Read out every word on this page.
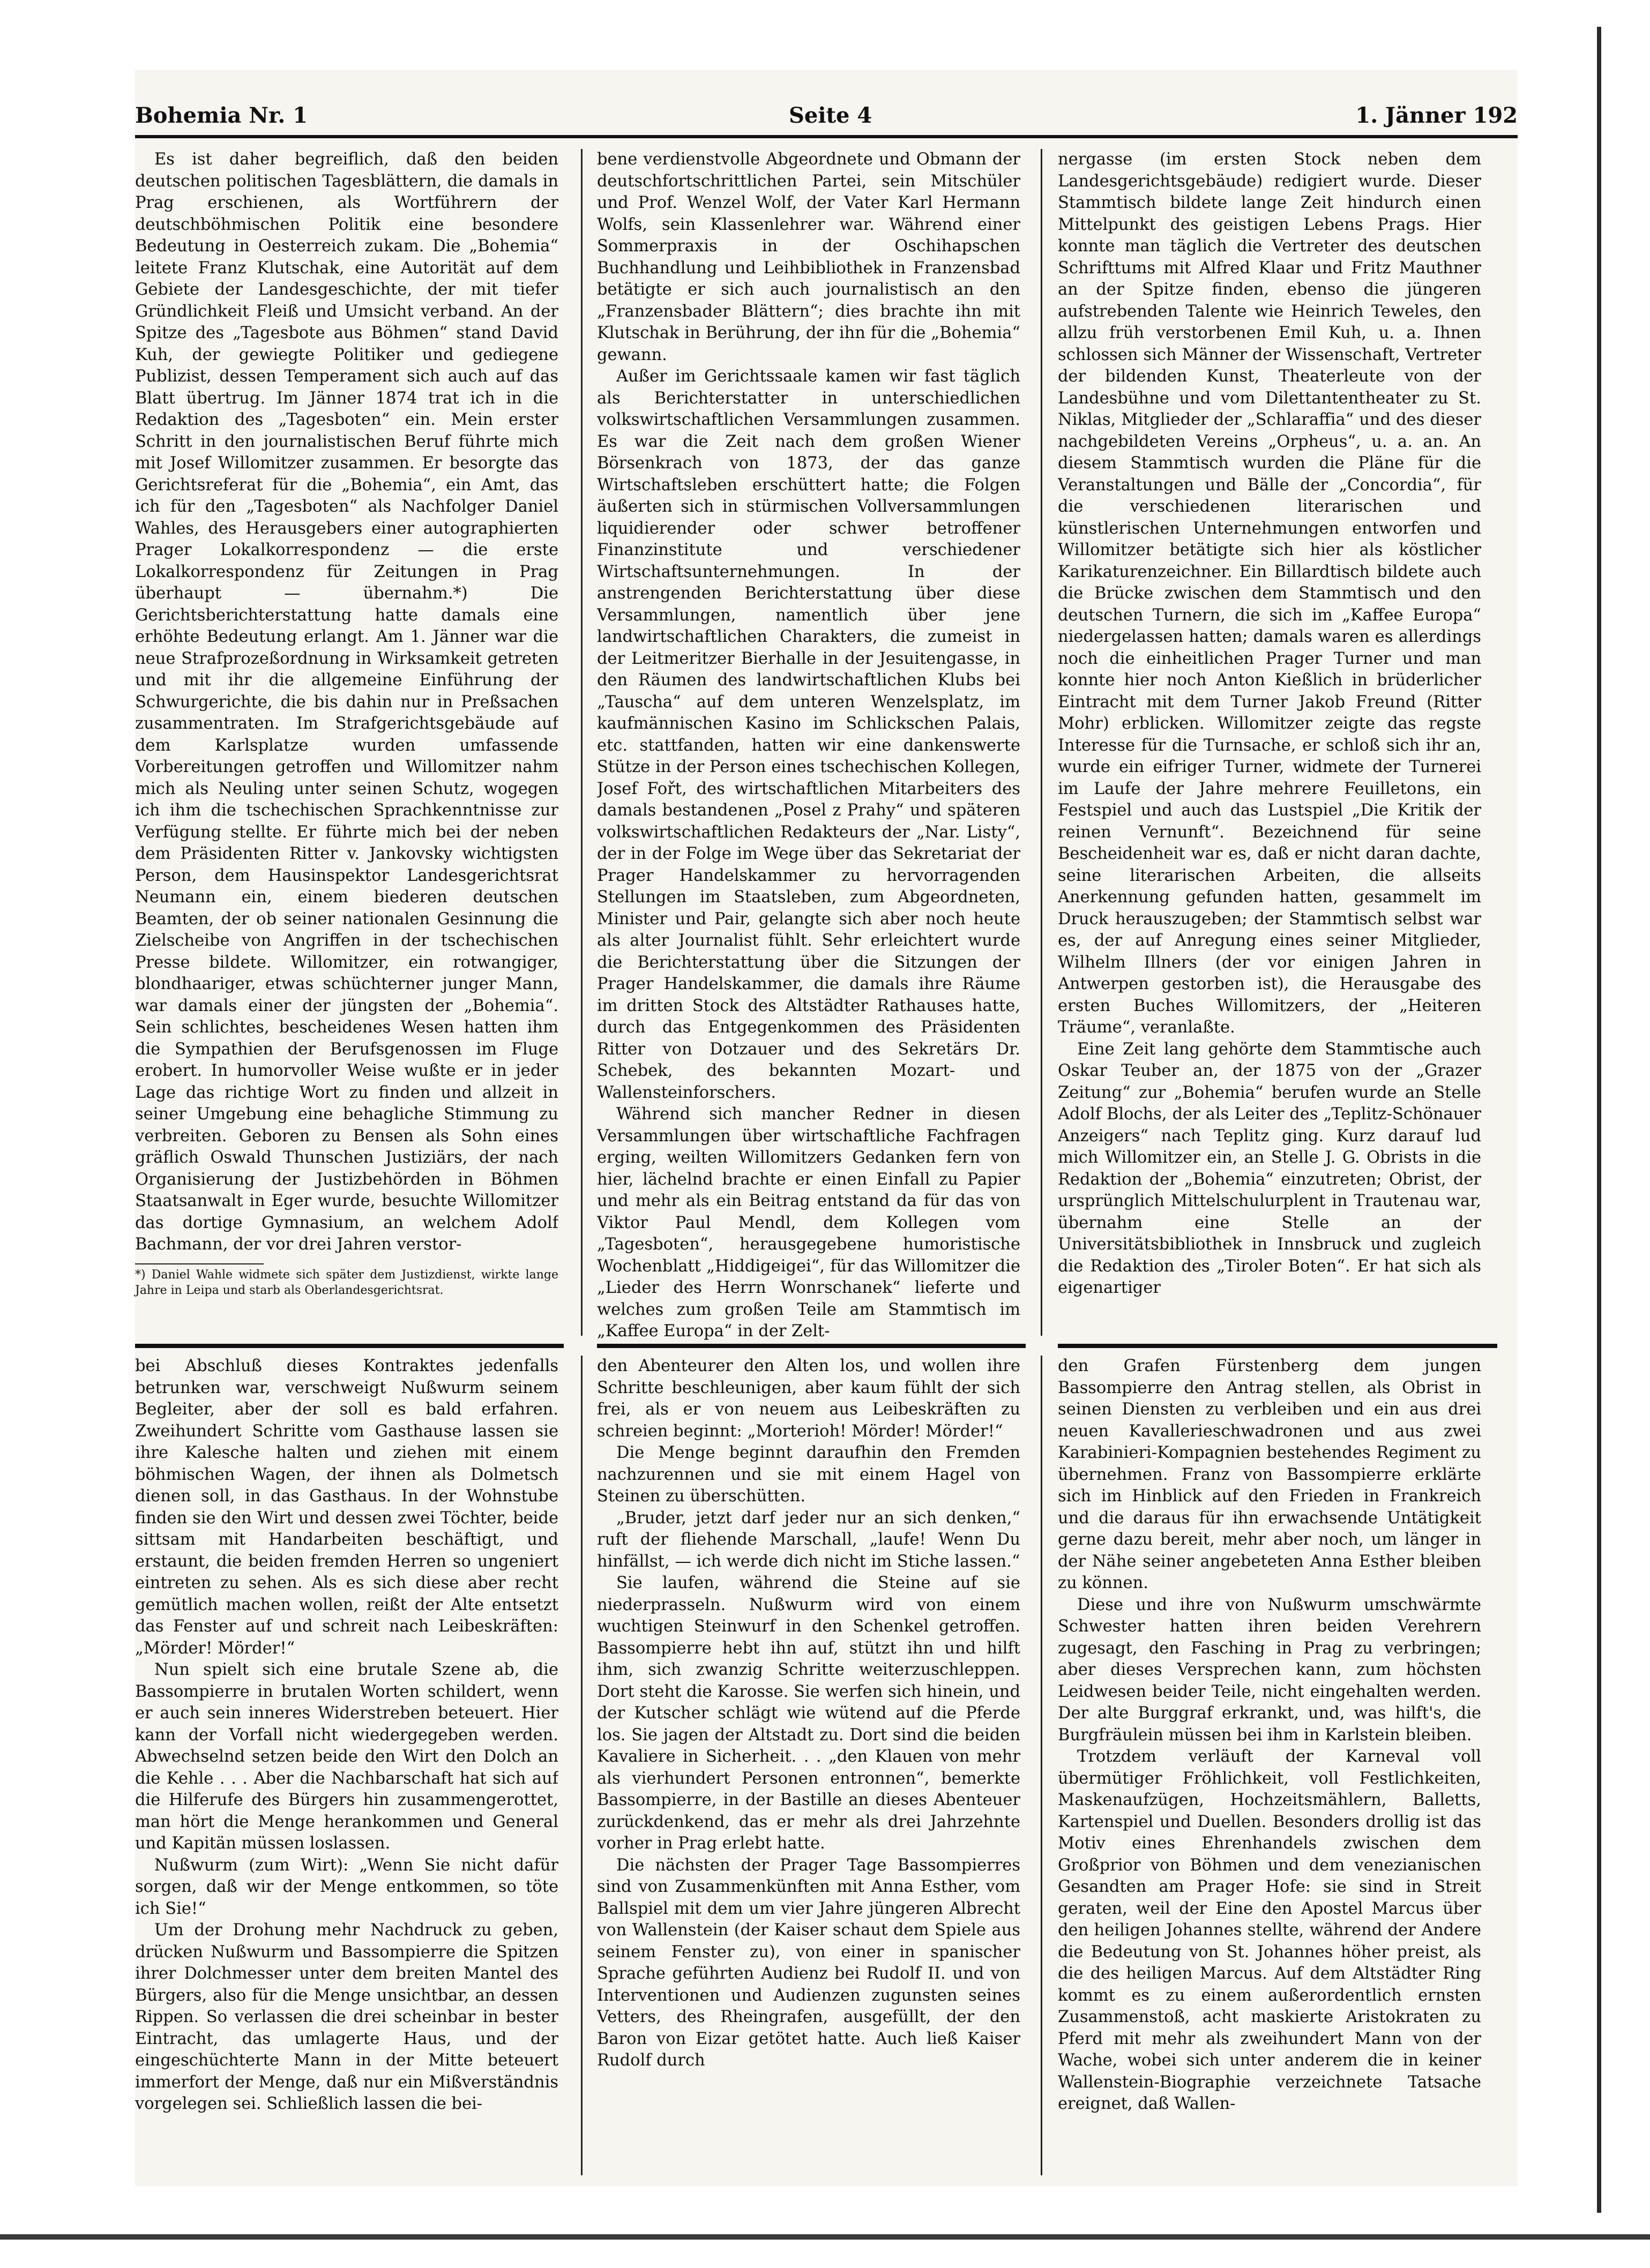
Bohemia Nr. 1	Seite 4	1. Jänner 192

Es ist daher begreiflich, daß den beiden deutschen politischen Tagesblättern, die damals in Prag erschienen, als Wortführern der deutschböhmischen Politik eine besondere Bedeutung in Oesterreich zukam. Die „Bohemia“ leitete Franz Klutschak, eine Autorität auf dem Gebiete der Landesgeschichte, der mit tiefer Gründlichkeit Fleiß und Umsicht verband. An der Spitze des „Tagesbote aus Böhmen“ stand David Kuh, der gewiegte Politiker und gediegene Publizist, dessen Temperament sich auch auf das Blatt übertrug. Im Jänner 1874 trat ich in die Redaktion des „Tagesboten“ ein. Mein erster Schritt in den journalistischen Beruf führte mich mit Josef Willomitzer zusammen. Er besorgte das Gerichtsreferat für die „Bohemia“, ein Amt, das ich für den „Tagesboten“ als Nachfolger Daniel Wahles, des Herausgebers einer autographierten Prager Lokalkorrespondenz — die erste Lokalkorrespondenz für Zeitungen in Prag überhaupt — übernahm.*) Die Gerichtsberichterstattung hatte damals eine erhöhte Bedeutung erlangt. Am 1. Jänner war die neue Strafprozeßordnung in Wirksamkeit getreten und mit ihr die allgemeine Einführung der Schwurgerichte, die bis dahin nur in Preßsachen zusammentraten. Im Strafgerichtsgebäude auf dem Karlsplatze wurden umfassende Vorbereitungen getroffen und Willomitzer nahm mich als Neuling unter seinen Schutz, wogegen ich ihm die tschechischen Sprachkenntnisse zur Verfügung stellte. Er führte mich bei der neben dem Präsidenten Ritter v. Jankovsky wichtigsten Person, dem Hausinspektor Landesgerichtsrat Neumann ein, einem biederen deutschen Beamten, der ob seiner nationalen Gesinnung die Zielscheibe von Angriffen in der tschechischen Presse bildete. Willomitzer, ein rotwangiger, blondhaariger, etwas schüchterner junger Mann, war damals einer der jüngsten der „Bohemia“. Sein schlichtes, bescheidenes Wesen hatten ihm die Sympathien der Berufsgenossen im Fluge erobert. In humorvoller Weise wußte er in jeder Lage das richtige Wort zu finden und allzeit in seiner Umgebung eine behagliche Stimmung zu verbreiten. Geboren zu Bensen als Sohn eines gräflich Oswald Thunschen Justiziärs, der nach Organisierung der Justizbehörden in Böhmen Staatsanwalt in Eger wurde, besuchte Willomitzer das dortige Gymnasium, an welchem Adolf Bachmann, der vor drei Jahren verstor-

*) Daniel Wahle widmete sich später dem Justizdienst, wirkte lange Jahre in Leipa und starb als Oberlandesgerichtsrat.

bene verdienstvolle Abgeordnete und Obmann der deutschfortschrittlichen Partei, sein Mitschüler und Prof. Wenzel Wolf, der Vater Karl Hermann Wolfs, sein Klassenlehrer war. Während einer Sommerpraxis in der Oschihapschen Buchhandlung und Leihbibliothek in Franzensbad betätigte er sich auch journalistisch an den „Franzensbader Blättern“; dies brachte ihn mit Klutschak in Berührung, der ihn für die „Bohemia“ gewann.

Außer im Gerichtssaale kamen wir fast täglich als Berichterstatter in unterschiedlichen volkswirtschaftlichen Versammlungen zusammen. Es war die Zeit nach dem großen Wiener Börsenkrach von 1873, der das ganze Wirtschaftsleben erschüttert hatte; die Folgen äußerten sich in stürmischen Vollversammlungen liquidierender oder schwer betroffener Finanzinstitute und verschiedener Wirtschaftsunternehmungen. In der anstrengenden Berichterstattung über diese Versammlungen, namentlich über jene landwirtschaftlichen Charakters, die zumeist in der Leitmeritzer Bierhalle in der Jesuitengasse, in den Räumen des landwirtschaftlichen Klubs bei „Tauscha“ auf dem unteren Wenzelsplatz, im kaufmännischen Kasino im Schlickschen Palais, etc. stattfanden, hatten wir eine dankenswerte Stütze in der Person eines tschechischen Kollegen, Josef Fořt, des wirtschaftlichen Mitarbeiters des damals bestandenen „Posel z Prahy“ und späteren volkswirtschaftlichen Redakteurs der „Nar. Listy“, der in der Folge im Wege über das Sekretariat der Prager Handelskammer zu hervorragenden Stellungen im Staatsleben, zum Abgeordneten, Minister und Pair, gelangte sich aber noch heute als alter Journalist fühlt. Sehr erleichtert wurde die Berichterstattung über die Sitzungen der Prager Handelskammer, die damals ihre Räume im dritten Stock des Altstädter Rathauses hatte, durch das Entgegenkommen des Präsidenten Ritter von Dotzauer und des Sekretärs Dr. Schebek, des bekannten Mozart- und Wallensteinforschers.

Während sich mancher Redner in diesen Versammlungen über wirtschaftliche Fachfragen erging, weilten Willomitzers Gedanken fern von hier, lächelnd brachte er einen Einfall zu Papier und mehr als ein Beitrag entstand da für das von Viktor Paul Mendl, dem Kollegen vom „Tagesboten“, herausgegebene humoristische Wochenblatt „Hiddigeigei“, für das Willomitzer die „Lieder des Herrn Wonrschanek“ lieferte und welches zum großen Teile am Stammtisch im „Kaffee Europa“ in der Zelt-

nergasse (im ersten Stock neben dem Landesgerichtsgebäude) redigiert wurde. Dieser Stammtisch bildete lange Zeit hindurch einen Mittelpunkt des geistigen Lebens Prags. Hier konnte man täglich die Vertreter des deutschen Schrifttums mit Alfred Klaar und Fritz Mauthner an der Spitze finden, ebenso die jüngeren aufstrebenden Talente wie Heinrich Teweles, den allzu früh verstorbenen Emil Kuh, u. a. Ihnen schlossen sich Männer der Wissenschaft, Vertreter der bildenden Kunst, Theaterleute von der Landesbühne und vom Dilettantentheater zu St. Niklas, Mitglieder der „Schlaraffia“ und des dieser nachgebildeten Vereins „Orpheus“, u. a. an. An diesem Stammtisch wurden die Pläne für die Veranstaltungen und Bälle der „Concordia“, für die verschiedenen literarischen und künstlerischen Unternehmungen entworfen und Willomitzer betätigte sich hier als köstlicher Karikaturenzeichner. Ein Billardtisch bildete auch die Brücke zwischen dem Stammtisch und den deutschen Turnern, die sich im „Kaffee Europa“ niedergelassen hatten; damals waren es allerdings noch die einheitlichen Prager Turner und man konnte hier noch Anton Kießlich in brüderlicher Eintracht mit dem Turner Jakob Freund (Ritter Mohr) erblicken. Willomitzer zeigte das regste Interesse für die Turnsache, er schloß sich ihr an, wurde ein eifriger Turner, widmete der Turnerei im Laufe der Jahre mehrere Feuilletons, ein Festspiel und auch das Lustspiel „Die Kritik der reinen Vernunft“. Bezeichnend für seine Bescheidenheit war es, daß er nicht daran dachte, seine literarischen Arbeiten, die allseits Anerkennung gefunden hatten, gesammelt im Druck herauszugeben; der Stammtisch selbst war es, der auf Anregung eines seiner Mitglieder, Wilhelm Illners (der vor einigen Jahren in Antwerpen gestorben ist), die Herausgabe des ersten Buches Willomitzers, der „Heiteren Träume“, veranlaßte.

Eine Zeit lang gehörte dem Stammtische auch Oskar Teuber an, der 1875 von der „Grazer Zeitung“ zur „Bohemia“ berufen wurde an Stelle Adolf Blochs, der als Leiter des „Teplitz-Schönauer Anzeigers“ nach Teplitz ging. Kurz darauf lud mich Willomitzer ein, an Stelle J. G. Obrists in die Redaktion der „Bohemia“ einzutreten; Obrist, der ursprünglich Mittelschulurplent in Trautenau war, übernahm eine Stelle an der Universitätsbibliothek in Innsbruck und zugleich die Redaktion des „Tiroler Boten“. Er hat sich als eigenartiger

bei Abschluß dieses Kontraktes jedenfalls betrunken war, verschweigt Nußwurm seinem Begleiter, aber der soll es bald erfahren. Zweihundert Schritte vom Gasthause lassen sie ihre Kalesche halten und ziehen mit einem böhmischen Wagen, der ihnen als Dolmetsch dienen soll, in das Gasthaus. In der Wohnstube finden sie den Wirt und dessen zwei Töchter, beide sittsam mit Handarbeiten beschäftigt, und erstaunt, die beiden fremden Herren so ungeniert eintreten zu sehen. Als es sich diese aber recht gemütlich machen wollen, reißt der Alte entsetzt das Fenster auf und schreit nach Leibeskräften: „Mörder! Mörder!“

Nun spielt sich eine brutale Szene ab, die Bassompierre in brutalen Worten schildert, wenn er auch sein inneres Widerstreben beteuert. Hier kann der Vorfall nicht wiedergegeben werden. Abwechselnd setzen beide den Wirt den Dolch an die Kehle . . . Aber die Nachbarschaft hat sich auf die Hilferufe des Bürgers hin zusammengerottet, man hört die Menge herankommen und General und Kapitän müssen loslassen.

Nußwurm (zum Wirt): „Wenn Sie nicht dafür sorgen, daß wir der Menge entkommen, so töte ich Sie!“

Um der Drohung mehr Nachdruck zu geben, drücken Nußwurm und Bassompierre die Spitzen ihrer Dolchmesser unter dem breiten Mantel des Bürgers, also für die Menge unsichtbar, an dessen Rippen. So verlassen die drei scheinbar in bester Eintracht, das umlagerte Haus, und der eingeschüchterte Mann in der Mitte beteuert immerfort der Menge, daß nur ein Mißverständnis vorgelegen sei. Schließlich lassen die bei-

den Abenteurer den Alten los, und wollen ihre Schritte beschleunigen, aber kaum fühlt der sich frei, als er von neuem aus Leibeskräften zu schreien beginnt: „Morterioh! Mörder! Mörder!“

Die Menge beginnt daraufhin den Fremden nachzurennen und sie mit einem Hagel von Steinen zu überschütten.

„Bruder, jetzt darf jeder nur an sich denken,“ ruft der fliehende Marschall, „laufe! Wenn Du hinfällst, — ich werde dich nicht im Stiche lassen.“

Sie laufen, während die Steine auf sie niederprasseln. Nußwurm wird von einem wuchtigen Steinwurf in den Schenkel getroffen. Bassompierre hebt ihn auf, stützt ihn und hilft ihm, sich zwanzig Schritte weiterzuschleppen. Dort steht die Karosse. Sie werfen sich hinein, und der Kutscher schlägt wie wütend auf die Pferde los. Sie jagen der Altstadt zu. Dort sind die beiden Kavaliere in Sicherheit. . . „den Klauen von mehr als vierhundert Personen entronnen“, bemerkte Bassompierre, in der Bastille an dieses Abenteuer zurückdenkend, das er mehr als drei Jahrzehnte vorher in Prag erlebt hatte.

Die nächsten der Prager Tage Bassompierres sind von Zusammenkünften mit Anna Esther, vom Ballspiel mit dem um vier Jahre jüngeren Albrecht von Wallenstein (der Kaiser schaut dem Spiele aus seinem Fenster zu), von einer in spanischer Sprache geführten Audienz bei Rudolf II. und von Interventionen und Audienzen zugunsten seines Vetters, des Rheingrafen, ausgefüllt, der den Baron von Eizar getötet hatte. Auch ließ Kaiser Rudolf durch

den Grafen Fürstenberg dem jungen Bassompierre den Antrag stellen, als Obrist in seinen Diensten zu verbleiben und ein aus drei neuen Kavallerieschwadronen und aus zwei Karabinieri-Kompagnien bestehendes Regiment zu übernehmen. Franz von Bassompierre erklärte sich im Hinblick auf den Frieden in Frankreich und die daraus für ihn erwachsende Untätigkeit gerne dazu bereit, mehr aber noch, um länger in der Nähe seiner angebeteten Anna Esther bleiben zu können.

Diese und ihre von Nußwurm umschwärmte Schwester hatten ihren beiden Verehrern zugesagt, den Fasching in Prag zu verbringen; aber dieses Versprechen kann, zum höchsten Leidwesen beider Teile, nicht eingehalten werden. Der alte Burggraf erkrankt, und, was hilft's, die Burgfräulein müssen bei ihm in Karlstein bleiben.

Trotzdem verläuft der Karneval voll übermütiger Fröhlichkeit, voll Festlichkeiten, Maskenaufzügen, Hochzeitsmählern, Balletts, Kartenspiel und Duellen. Besonders drollig ist das Motiv eines Ehrenhandels zwischen dem Großprior von Böhmen und dem venezianischen Gesandten am Prager Hofe: sie sind in Streit geraten, weil der Eine den Apostel Marcus über den heiligen Johannes stellte, während der Andere die Bedeutung von St. Johannes höher preist, als die des heiligen Marcus. Auf dem Altstädter Ring kommt es zu einem außerordentlich ernsten Zusammenstoß, acht maskierte Aristokraten zu Pferd mit mehr als zweihundert Mann von der Wache, wobei sich unter anderem die in keiner Wallenstein-Biographie verzeichnete Tatsache ereignet, daß Wallen-
